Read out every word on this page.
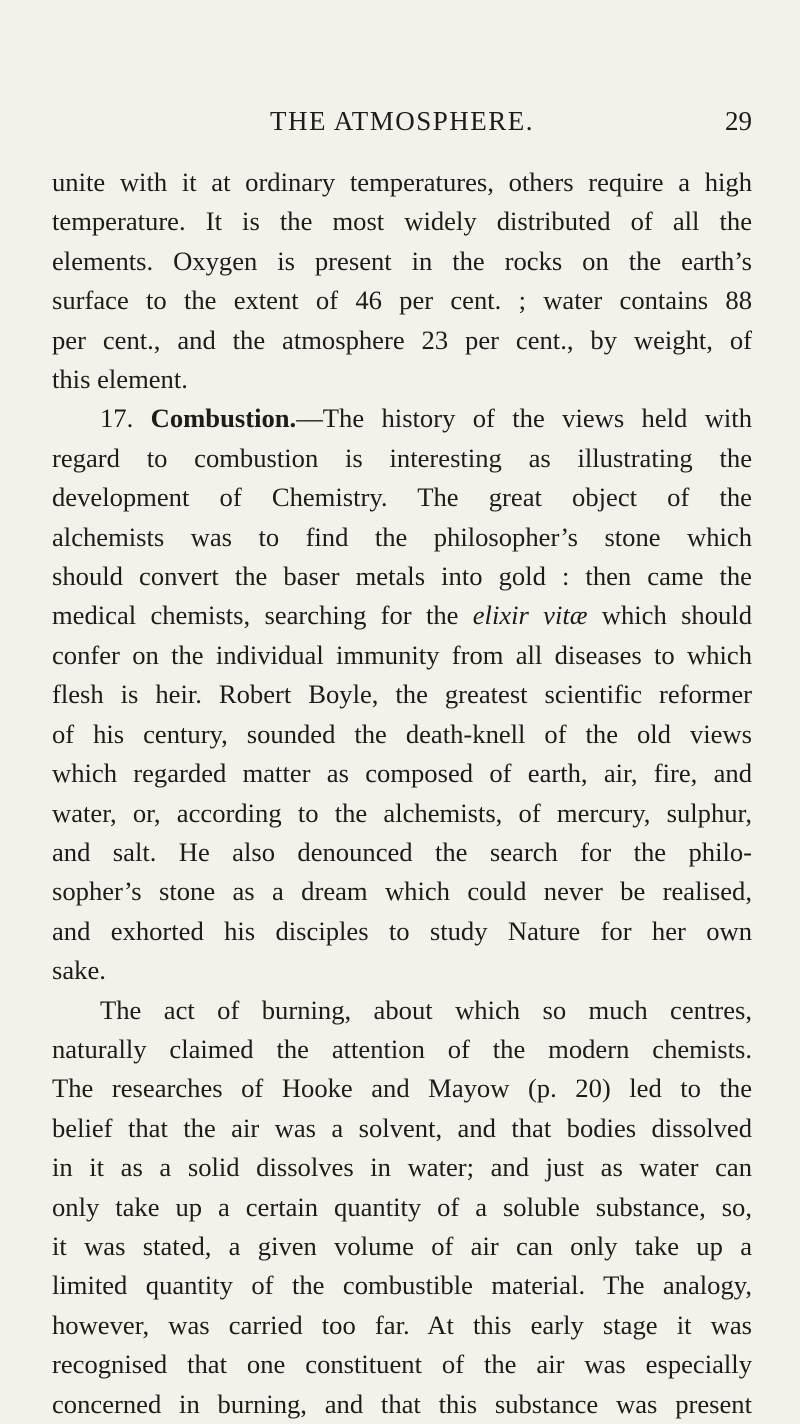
THE ATMOSPHERE.	29
unite with it at ordinary temperatures, others require a high
temperature. It is the most widely distributed of all the
elements. Oxygen is present in the rocks on the earth’s
surface to the extent of 46 per cent. ; water contains 88
per cent., and the atmosphere 23 per cent., by weight, of
this element.
17. Combustion.—The history of the views held with
regard to combustion is interesting as illustrating the
development of Chemistry. The great object of the
alchemists was to find the philosopher’s stone which
should convert the baser metals into gold : then came the
medical chemists, searching for the elixir vitæ which should
confer on the individual immunity from all diseases to which
flesh is heir. Robert Boyle, the greatest scientific reformer
of his century, sounded the death-knell of the old views
which regarded matter as composed of earth, air, fire, and
water, or, according to the alchemists, of mercury, sulphur,
and salt. He also denounced the search for the philo-
sopher’s stone as a dream which could never be realised,
and exhorted his disciples to study Nature for her own
sake.
The act of burning, about which so much centres,
naturally claimed the attention of the modern chemists.
The researches of Hooke and Mayow (p. 20) led to the
belief that the air was a solvent, and that bodies dissolved
in it as a solid dissolves in water; and just as water can
only take up a certain quantity of a soluble substance, so,
it was stated, a given volume of air can only take up a
limited quantity of the combustible material. The analogy,
however, was carried too far. At this early stage it was
recognised that one constituent of the air was especially
concerned in burning, and that this substance was present
